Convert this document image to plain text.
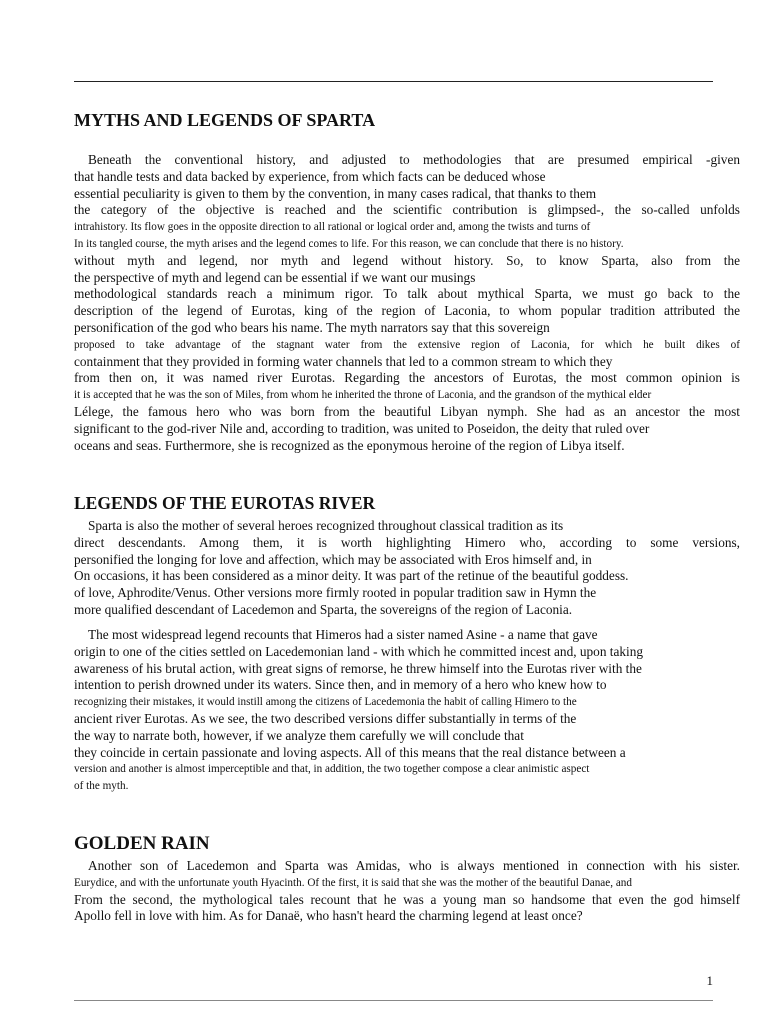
MYTHS AND LEGENDS OF SPARTA
Beneath the conventional history, and adjusted to methodologies that are presumed empirical -given
that handle tests and data backed by experience, from which facts can be deduced whose
essential peculiarity is given to them by the convention, in many cases radical, that thanks to them
the category of the objective is reached and the scientific contribution is glimpsed-, the so-called unfolds
intrahistory. Its flow goes in the opposite direction to all rational or logical order and, among the twists and turns of
In its tangled course, the myth arises and the legend comes to life. For this reason, we can conclude that there is no history.
without myth and legend, nor myth and legend without history. So, to know Sparta, also from the
the perspective of myth and legend can be essential if we want our musings
methodological standards reach a minimum rigor. To talk about mythical Sparta, we must go back to the
description of the legend of Eurotas, king of the region of Laconia, to whom popular tradition attributed the
personification of the god who bears his name. The myth narrators say that this sovereign
proposed to take advantage of the stagnant water from the extensive region of Laconia, for which he built dikes of
containment that they provided in forming water channels that led to a common stream to which they
from then on, it was named river Eurotas. Regarding the ancestors of Eurotas, the most common opinion is
it is accepted that he was the son of Miles, from whom he inherited the throne of Laconia, and the grandson of the mythical elder
Lélege, the famous hero who was born from the beautiful Libyan nymph. She had as an ancestor the most
significant to the god-river Nile and, according to tradition, was united to Poseidon, the deity that ruled over
oceans and seas. Furthermore, she is recognized as the eponymous heroine of the region of Libya itself.
LEGENDS OF THE EUROTAS RIVER
Sparta is also the mother of several heroes recognized throughout classical tradition as its
direct descendants. Among them, it is worth highlighting Himero who, according to some versions,
personified the longing for love and affection, which may be associated with Eros himself and, in
On occasions, it has been considered as a minor deity. It was part of the retinue of the beautiful goddess.
of love, Aphrodite/Venus. Other versions more firmly rooted in popular tradition saw in Hymn the
more qualified descendant of Lacedemon and Sparta, the sovereigns of the region of Laconia.
The most widespread legend recounts that Himeros had a sister named Asine - a name that gave
origin to one of the cities settled on Lacedemonian land - with which he committed incest and, upon taking
awareness of his brutal action, with great signs of remorse, he threw himself into the Eurotas river with the
intention to perish drowned under its waters. Since then, and in memory of a hero who knew how to
recognizing their mistakes, it would instill among the citizens of Lacedemonia the habit of calling Himero to the
ancient river Eurotas. As we see, the two described versions differ substantially in terms of the
the way to narrate both, however, if we analyze them carefully we will conclude that
they coincide in certain passionate and loving aspects. All of this means that the real distance between a
version and another is almost imperceptible and that, in addition, the two together compose a clear animistic aspect
of the myth.
GOLDEN RAIN
Another son of Lacedemon and Sparta was Amidas, who is always mentioned in connection with his sister.
Eurydice, and with the unfortunate youth Hyacinth. Of the first, it is said that she was the mother of the beautiful Danae, and
From the second, the mythological tales recount that he was a young man so handsome that even the god himself
Apollo fell in love with him. As for Danaë, who hasn't heard the charming legend at least once?
1
